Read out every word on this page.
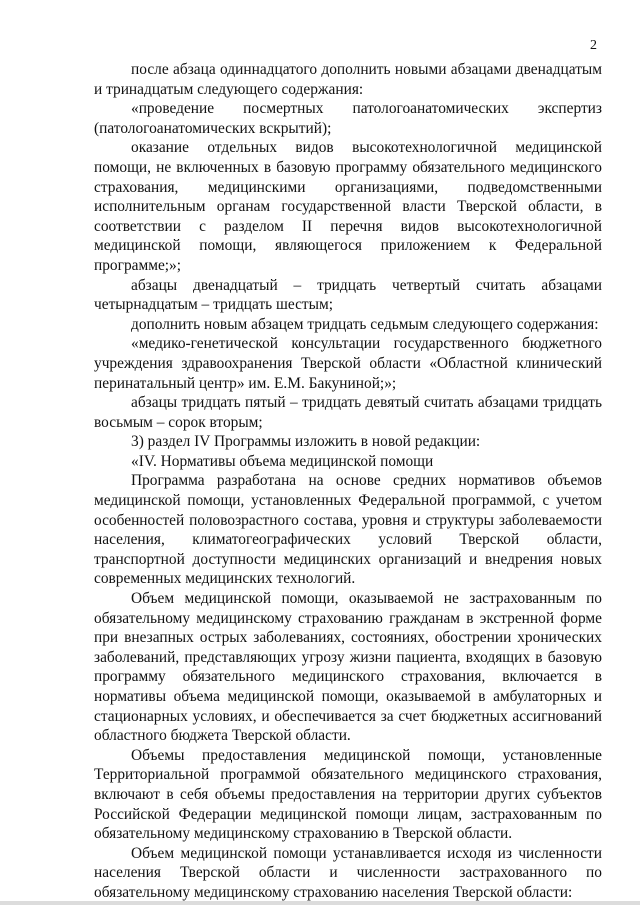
2

после абзаца одиннадцатого дополнить новыми абзацами двенадцатым и тринадцатым следующего содержания:

«проведение посмертных патологоанатомических экспертиз (патологоанатомических вскрытий);

оказание отдельных видов высокотехнологичной медицинской помощи, не включенных в базовую программу обязательного медицинского страхования, медицинскими организациями, подведомственными исполнительным органам государственной власти Тверской области, в соответствии с разделом II перечня видов высокотехнологичной медицинской помощи, являющегося приложением к Федеральной программе;»;

абзацы двенадцатый – тридцать четвертый считать абзацами четырнадцатым – тридцать шестым;

дополнить новым абзацем тридцать седьмым следующего содержания:

«медико-генетической консультации государственного бюджетного учреждения здравоохранения Тверской области «Областной клинический перинатальный центр» им. Е.М. Бакуниной;»;

абзацы тридцать пятый – тридцать девятый считать абзацами тридцать восьмым – сорок вторым;

3) раздел IV Программы изложить в новой редакции:

«IV. Нормативы объема медицинской помощи

Программа разработана на основе средних нормативов объемов медицинской помощи, установленных Федеральной программой, с учетом особенностей половозрастного состава, уровня и структуры заболеваемости населения, климатогеографических условий Тверской области, транспортной доступности медицинских организаций и внедрения новых современных медицинских технологий.

Объем медицинской помощи, оказываемой не застрахованным по обязательному медицинскому страхованию гражданам в экстренной форме при внезапных острых заболеваниях, состояниях, обострении хронических заболеваний, представляющих угрозу жизни пациента, входящих в базовую программу обязательного медицинского страхования, включается в нормативы объема медицинской помощи, оказываемой в амбулаторных и стационарных условиях, и обеспечивается за счет бюджетных ассигнований областного бюджета Тверской области.

Объемы предоставления медицинской помощи, установленные Территориальной программой обязательного медицинского страхования, включают в себя объемы предоставления на территории других субъектов Российской Федерации медицинской помощи лицам, застрахованным по обязательному медицинскому страхованию в Тверской области.

Объем медицинской помощи устанавливается исходя из численности населения Тверской области и численности застрахованного по обязательному медицинскому страхованию населения Тверской области:
